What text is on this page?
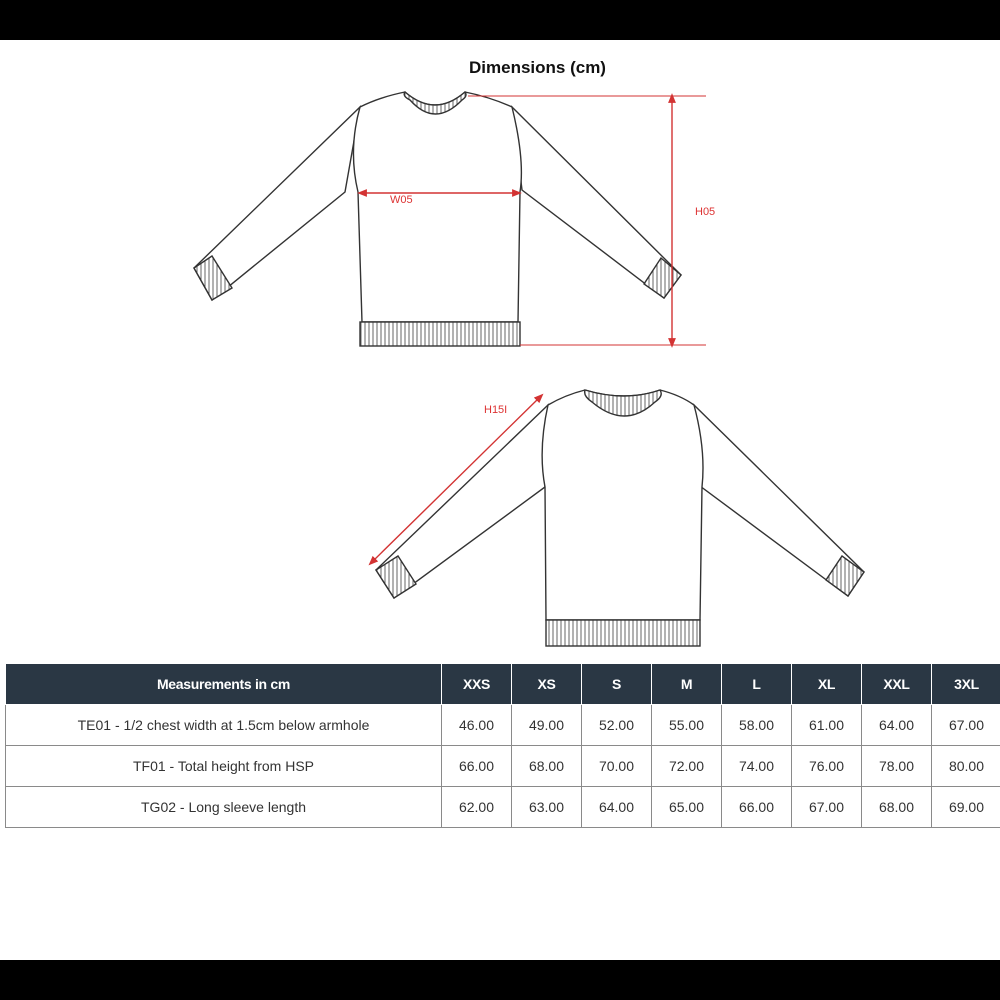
Dimensions (cm)
W05
H05
H15I
Measurements in cm	XXS	XS	S	M	L	XL	XXL	3XL
TE01 - 1/2 chest width at 1.5cm below armhole	46.00	49.00	52.00	55.00	58.00	61.00	64.00	67.00
TF01 - Total height from HSP	66.00	68.00	70.00	72.00	74.00	76.00	78.00	80.00
TG02 - Long sleeve length	62.00	63.00	64.00	65.00	66.00	67.00	68.00	69.00
